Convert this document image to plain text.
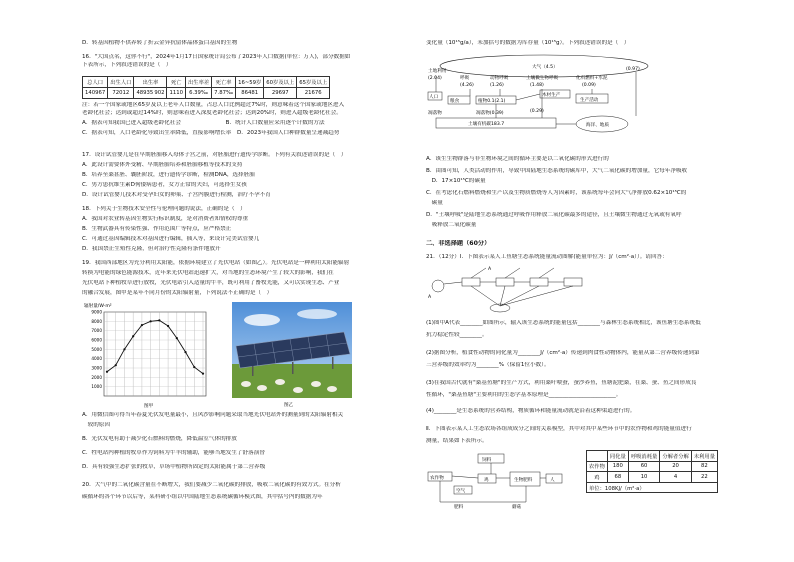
D．转基因植物不供养转了折云金异抗留体晶体蛋白基因的生物

16．"大国点名，这你不行"，2024年1月17日国家统计局公布了2023年人口数据(单位：万人)，部分数据如

下表所示，下列叙述错误的是（　）

总人口	出生人口	出生率	死亡	出生率差	死亡率	16~59岁	60岁及以上	65岁及以上
140967	72012	48935 902	1110	6.39‰	7.87‰	86481	29697	21676

注：若一个国家或地区65岁及以上老年人口数量，占总人口比例超过7%时，则意味着这个国家或地区进入

老龄化社会；达到或超过14%时，则意味着进入深度老龄化社会；达到20%时，则进入超级老龄化社会。

A．据表可知我国已进入超级老龄化社会　　　　　　　　B．统计人口数量应采用逐个计数的方法

C．据表可知，人口老龄化导致出生率降低，直接影响增长率　D．2023年我国人口种群数量呈递减趋势

17．设计试管婴儿是在早期胚胎移入母体子宫之前，对胚胎进行遗传学诊断。下列有关叙述错误的是（　）

A．此设计需要体外受精、早期胚胎培养和胚胎移植等技术的支持

B．培养至桑葚胚、囊胚阶段，进行遗传学诊断，检测DNA，选择胚胎

C．男方患抗维生素D佝偻病患者，女方正常的夫妇，可选择生女孩

D．设计试管婴儿技术对受孕妇女的卵巢、子宫内膜进行检测，治疗不孕不育

18．下列关于生物技术安全性与伦理问题的说法，正确的是（　）

A．我国对农业转基因生物实行标识制度，是对消费者知情权的尊重

B．生物武器具有传染性强、作用范围广等特点，应严格禁止

C．可通过基因编辑技术对基因进行编辑，插入等，来设计完美试管婴儿

D．我国禁止生殖性克隆，但对治疗性克隆有条件地放开

19．我国西部地区为充分利用太阳能，依据环境建立了光伏电站（如图乙）。光伏电站是一种利用太阳能辐射

转换为电能的绿色能源技术，近年来光伏电站迅速扩大，对当地的生态环境产生了较大的影响，我们在

光伏电站下种植牧草进行放牧，光伏电站引入适量的牛羊，既可利用了畜牧光能，又可以实现生态、产业

的融合发展，图甲是某年不同月份的太阳辐射量，下列说法不正确的是（　）

辐射量/W·m²
9000
8000
7000
6000
5000
4000
3000
2000
1000
图甲	图乙

A．用微信图可得当年春夏光伏发电量最小，且风沙影响问题采取当地光伏电站外的测量到的太阳辐射相关

　较的原因

B．光伏发电有助于减少化石燃料的燃烧，降低温室气体的排放

C．牲电站内种植的牧草作为饲料为牛羊的辅助，能够当地发生了舒落演替

D．具有较强生态扩张的牧草，草场中植物所固定的太阳能属于第二营养级

20．大气中的二氧化碳含量在不断增大，我们要减少二氧化碳的排放，吸收二氧化碳的有效方式。在分析

碳循环的各个环节以后等，某科研小组以中国陆地生态系统碳循环模式图，其中括号内的数据为年

变化量（10¹⁵g/a），未加括号的数据为库存量（10¹⁵g）。下列叙述错误的是（　）

大气（4.5）
土地利用
(2.04)	呼吸
(4.26)
动物呼吸
(1.26)
土壤微生物呼吸
(1.48)
化石燃料+水泥
(0.09)
(0.97)
人口
粮食	植物0.1(2.1)
木材生产
生产活动
凋落物	凋落物(0.39)	(0.29)
土壤有机碳183.7	海洋、地质

A．该生生物群落与非生物环境之间的循环主要是以二氧化碳的形式进行的

B．由图可知，人类活动的作用，导致中国陆地生态系统的碳库中，大气二氧化碳的增加量，它每年净吸收

　D．17×10¹⁵C的碳量

C．在考虑化石燃料燃烧和生产以及生物质燃烧等人为因素时，该系统每年会向大气净排放0.62×10¹⁵C的

　碳量

D．"土壤呼吸"是陆地生态系统通过呼吸作用释放二氧化碳最多的途径，且土壤微生物通过无氧或有氧呼

　吸释放二氧化碳量

二、非选择题（60分）

21．（12分）Ⅰ．下图表示某人工鱼塘生态系统能量流动图解(能量单位为：J/（cm²·a））。请回答：

A
A

(1)图中A代表________如图所示，输入该生态系统的能量包括________与森林生态系统相比，该鱼塘生态系统抵

抗力稳定性较________。

(2)据图分析，植食性动物的同化量为________J/（cm²·a）传递到肉食性动物体内，能量从第二营养级传递到第

三营养级的效率约为________%（保留1位小数）。

(3)在我国古代就有"桑基鱼塘"的生产方式，利用桑叶喂蚕，蚕沙养鱼，鱼塘泥肥桑，在桑、蚕、鱼之间形成良

性循环，"桑基鱼塘"主要利用的生态学基本原理是________________________。

(4)________是生态系统的营养结构，物质循环和能量流动就是沿着这种渠道进行的。

Ⅱ．下图表示某人工生态农场各组成成分之间的关系模型，其中对其中某些环节中的农作物和鸡的能量值进行

测量，结果如下表所示。

饲料
农作物	鸡	生物肥料	人
空气
肥料	蘑菇
	同化量	呼吸消耗量	分解者分解	未利用量
农作物	180	60	20	82
鸡	68	10	4	22
单位：108KJ/（m²·a）				
